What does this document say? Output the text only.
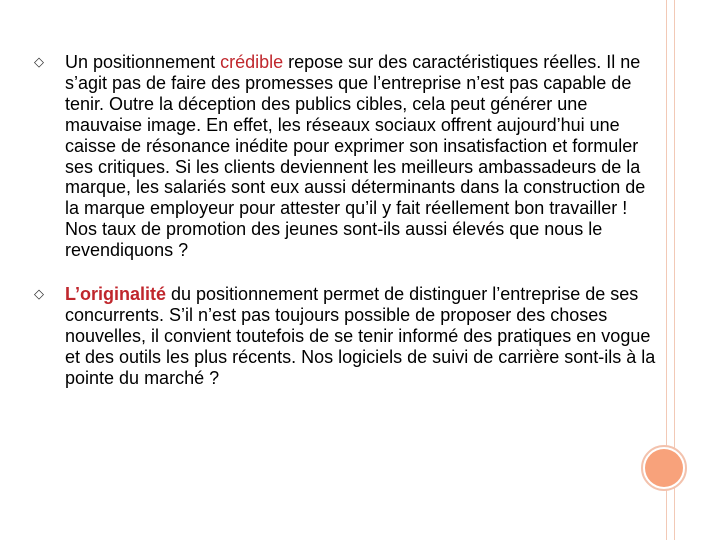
◇ Un positionnement crédible repose sur des caractéristiques réelles. Il ne s’agit pas de faire des promesses que l’entreprise n’est pas capable de tenir. Outre la déception des publics cibles, cela peut générer une mauvaise image. En effet, les réseaux sociaux offrent aujourd’hui une caisse de résonance inédite pour exprimer son insatisfaction et formuler ses critiques. Si les clients deviennent les meilleurs ambassadeurs de la marque, les salariés sont eux aussi déterminants dans la construction de la marque employeur pour attester qu’il y fait réellement bon travailler ! Nos taux de promotion des jeunes sont-ils aussi élevés que nous le revendiquons ?
◇ L’originalité du positionnement permet de distinguer l’entreprise de ses concurrents. S’il n’est pas toujours possible de proposer des choses nouvelles, il convient toutefois de se tenir informé des pratiques en vogue et des outils les plus récents. Nos logiciels de suivi de carrière sont-ils à la pointe du marché ?
